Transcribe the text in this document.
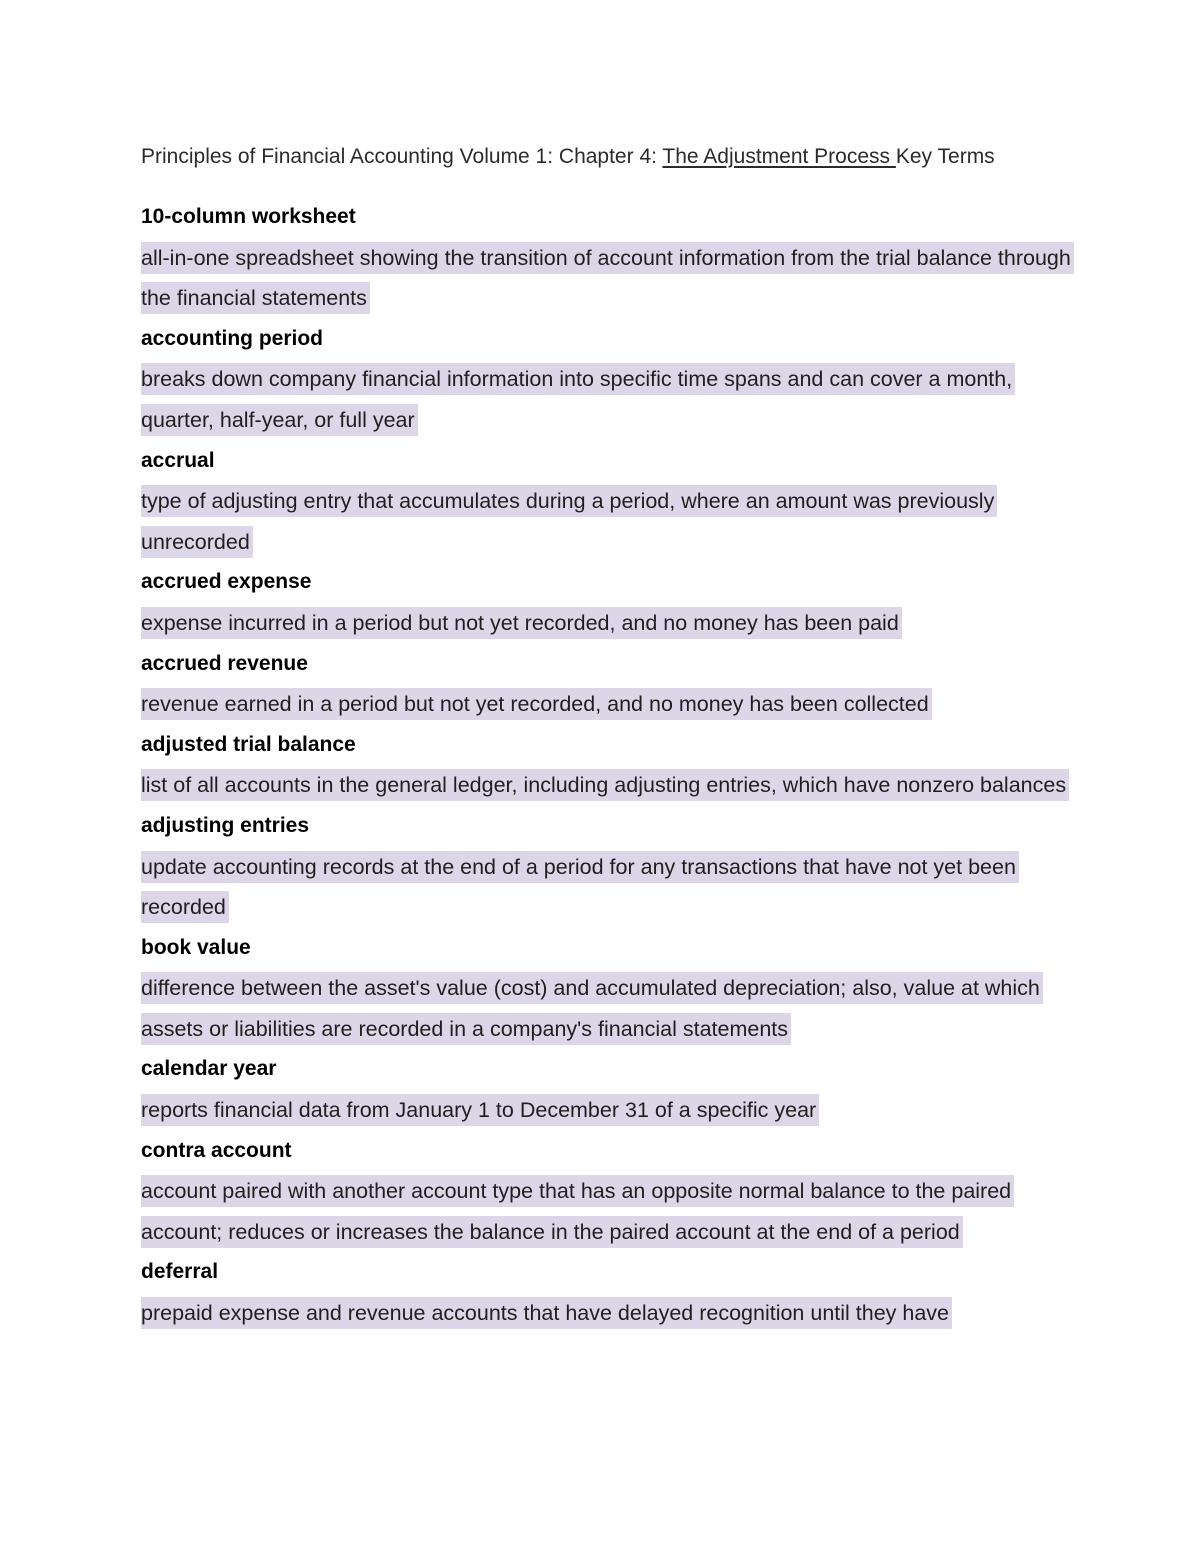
Principles of Financial Accounting Volume 1: Chapter 4: The Adjustment Process Key Terms

10-column worksheet

all-in-one spreadsheet showing the transition of account information from the trial balance through the financial statements

accounting period

breaks down company financial information into specific time spans and can cover a month, quarter, half-year, or full year

accrual

type of adjusting entry that accumulates during a period, where an amount was previously unrecorded

accrued expense

expense incurred in a period but not yet recorded, and no money has been paid

accrued revenue

revenue earned in a period but not yet recorded, and no money has been collected

adjusted trial balance

list of all accounts in the general ledger, including adjusting entries, which have nonzero balances

adjusting entries

update accounting records at the end of a period for any transactions that have not yet been recorded

book value

difference between the asset's value (cost) and accumulated depreciation; also, value at which assets or liabilities are recorded in a company's financial statements

calendar year

reports financial data from January 1 to December 31 of a specific year

contra account

account paired with another account type that has an opposite normal balance to the paired account; reduces or increases the balance in the paired account at the end of a period

deferral

prepaid expense and revenue accounts that have delayed recognition until they have
